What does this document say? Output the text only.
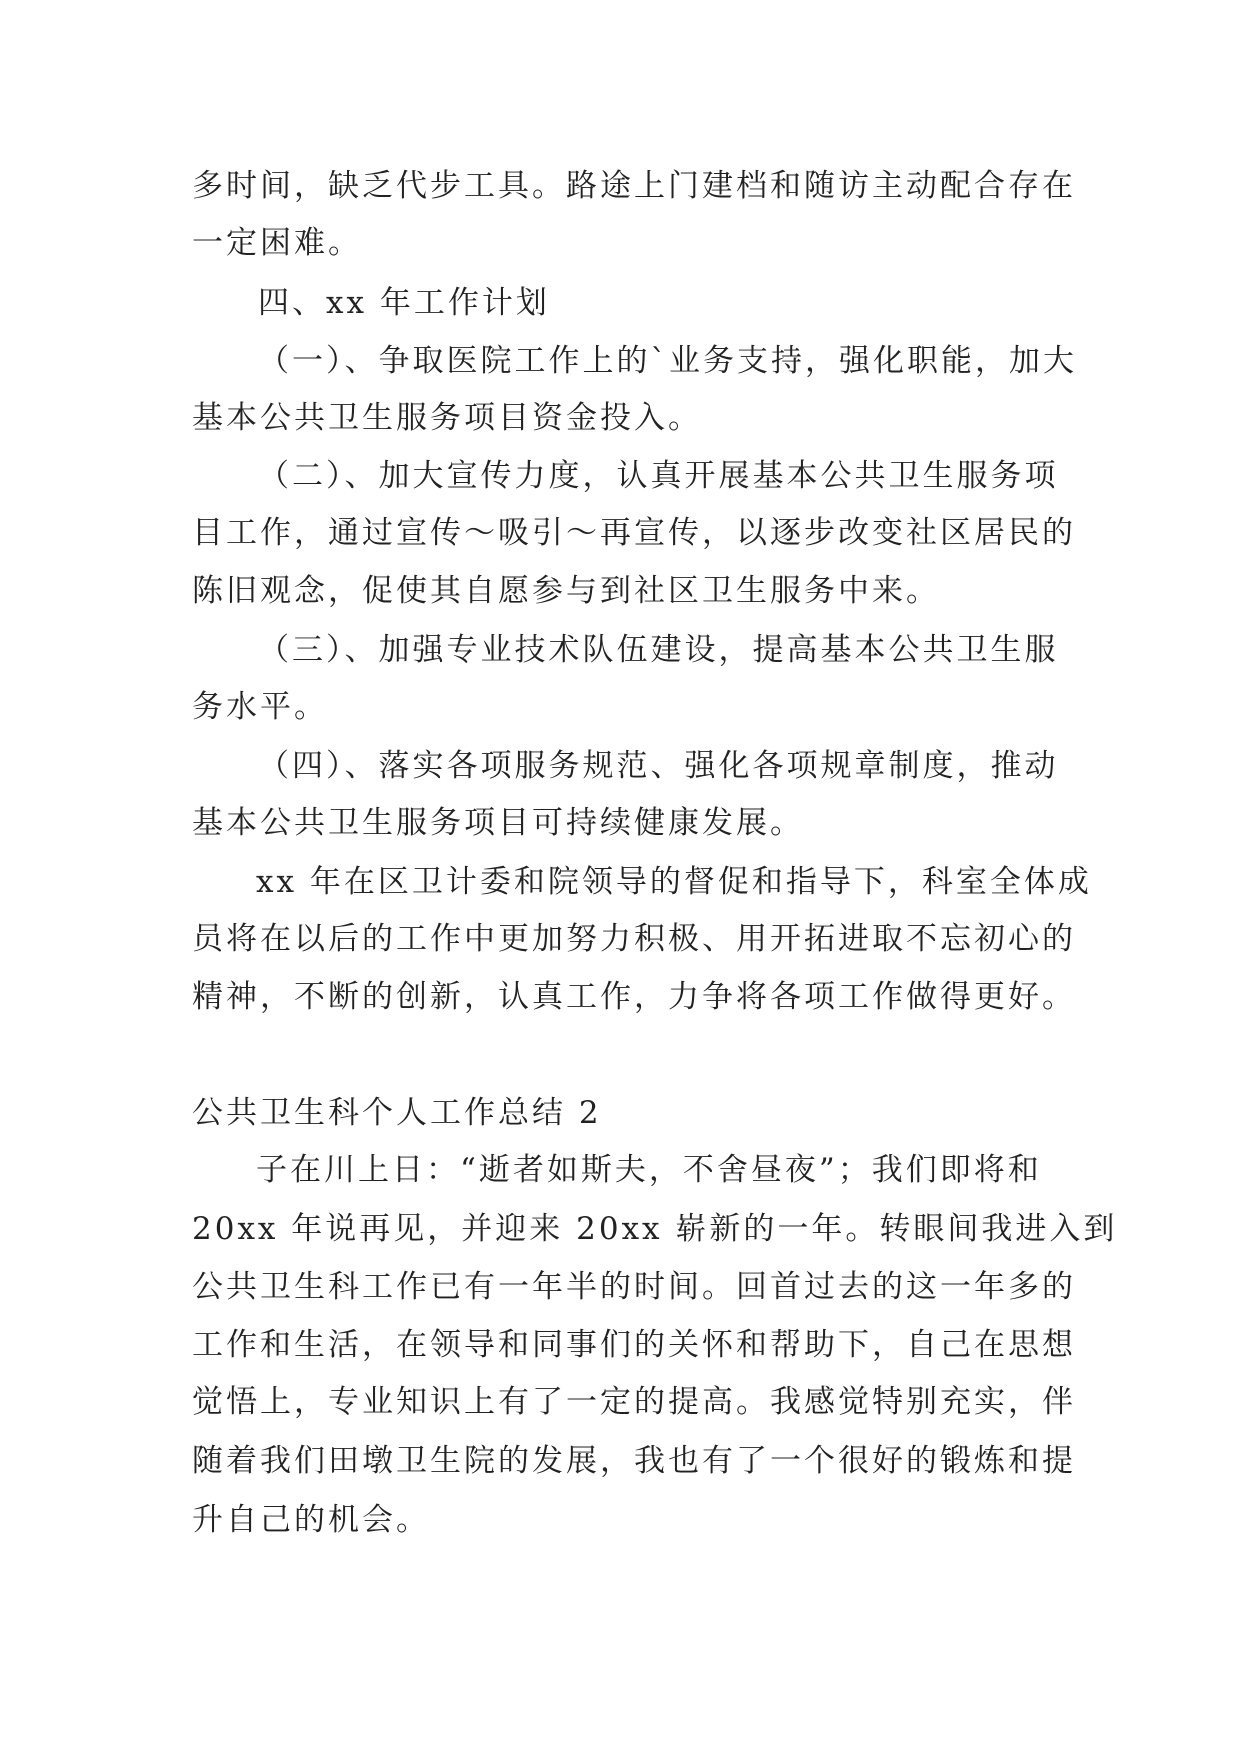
多时间，缺乏代步工具。路途上门建档和随访主动配合存在
一定困难。
四、xx 年工作计划
（一）、争取医院工作上的`业务支持，强化职能，加大
基本公共卫生服务项目资金投入。
（二）、加大宣传力度，认真开展基本公共卫生服务项
目工作，通过宣传～吸引～再宣传，以逐步改变社区居民的
陈旧观念，促使其自愿参与到社区卫生服务中来。
（三）、加强专业技术队伍建设，提高基本公共卫生服
务水平。
（四）、落实各项服务规范、强化各项规章制度，推动
基本公共卫生服务项目可持续健康发展。
xx 年在区卫计委和院领导的督促和指导下，科室全体成
员将在以后的工作中更加努力积极、用开拓进取不忘初心的
精神，不断的创新，认真工作，力争将各项工作做得更好。
公共卫生科个人工作总结 2
子在川上日：“逝者如斯夫，不舍昼夜”；我们即将和
20xx 年说再见，并迎来 20xx 崭新的一年。转眼间我进入到
公共卫生科工作已有一年半的时间。回首过去的这一年多的
工作和生活，在领导和同事们的关怀和帮助下，自己在思想
觉悟上，专业知识上有了一定的提高。我感觉特别充实，伴
随着我们田墩卫生院的发展，我也有了一个很好的锻炼和提
升自己的机会。
